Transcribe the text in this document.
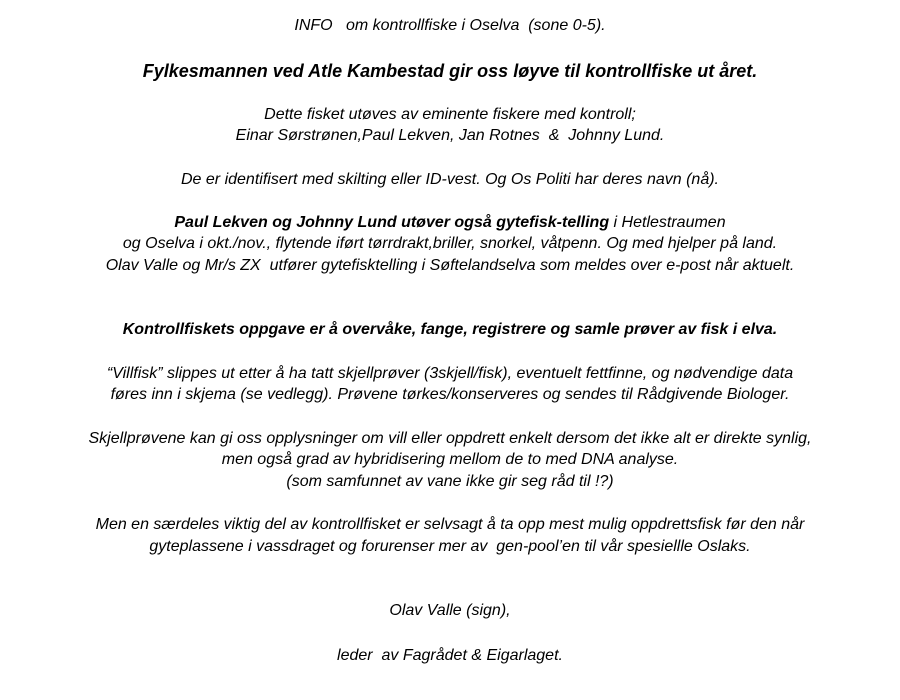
INFO   om kontrollfiske i Oselva  (sone 0-5).
Fylkesmannen ved Atle Kambestad gir oss løyve til kontrollfiske ut året.
Dette fisket utøves av eminente fiskere med kontroll;
Einar Sørstrønen,Paul Lekven, Jan Rotnes  &  Johnny Lund.
De er identifisert med skilting eller ID-vest. Og Os Politi har deres navn (nå).
Paul Lekven og Johnny Lund utøver også gytefisk-telling i Hetlestraumen
og Oselva i okt./nov., flytende iført tørrdrakt,briller, snorkel, våtpenn. Og med hjelper på land.
Olav Valle og Mr/s ZX  utfører gytefisktelling i Søftelandselva som meldes over e-post når aktuelt.
Kontrollfiskets oppgave er å overvåke, fange, registrere og samle prøver av fisk i elva.
“Villfisk” slippes ut etter å ha tatt skjellprøver (3skjell/fisk), eventuelt fettfinne, og nødvendige data
føres inn i skjema (se vedlegg). Prøvene tørkes/konserveres og sendes til Rådgivende Biologer.
Skjellprøvene kan gi oss opplysninger om vill eller oppdrett enkelt dersom det ikke alt er direkte synlig,
men også grad av hybridisering mellom de to med DNA analyse.
(som samfunnet av vane ikke gir seg råd til !?)
Men en særdeles viktig del av kontrollfisket er selvsagt å ta opp mest mulig oppdrettsfisk før den når
gyteplassene i vassdraget og forurenser mer av  gen-pool’en til vår spesiellle Oslaks.
Olav Valle (sign),
leder  av Fagrådet & Eigarlaget.
